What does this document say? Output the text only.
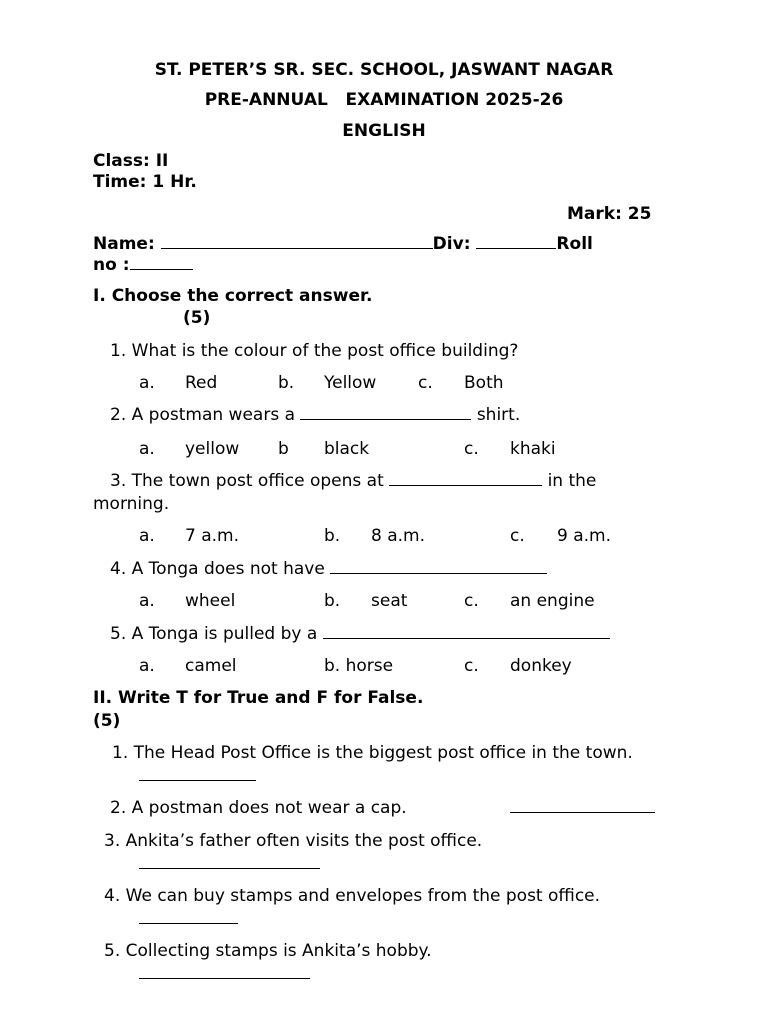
ST. PETER’S SR. SEC. SCHOOL, JASWANT NAGAR
PRE-ANNUAL   EXAMINATION 2025-26
ENGLISH
Class: II
Time: 1 Hr.
Mark: 25
Name:	Div:	Roll
no :
I. Choose the correct answer.
(5)
1. What is the colour of the post office building?
a. Red	b. Yellow c. Both
2. A postman wears a	shirt.
a. yellow b black	c. khaki
3. The town post office opens at	in the
morning.
a. 7 a.m.	b. 8 a.m.	c. 9 a.m.
4. A Tonga does not have
a. wheel	b. seat	c. an engine
5. A Tonga is pulled by a
a. camel	b. horse	c. donkey
II. Write T for True and F for False.
(5)
1. The Head Post Office is the biggest post office in the town.
2. A postman does not wear a cap.
3. Ankita’s father often visits the post office.
4. We can buy stamps and envelopes from the post office.
5. Collecting stamps is Ankita’s hobby.
